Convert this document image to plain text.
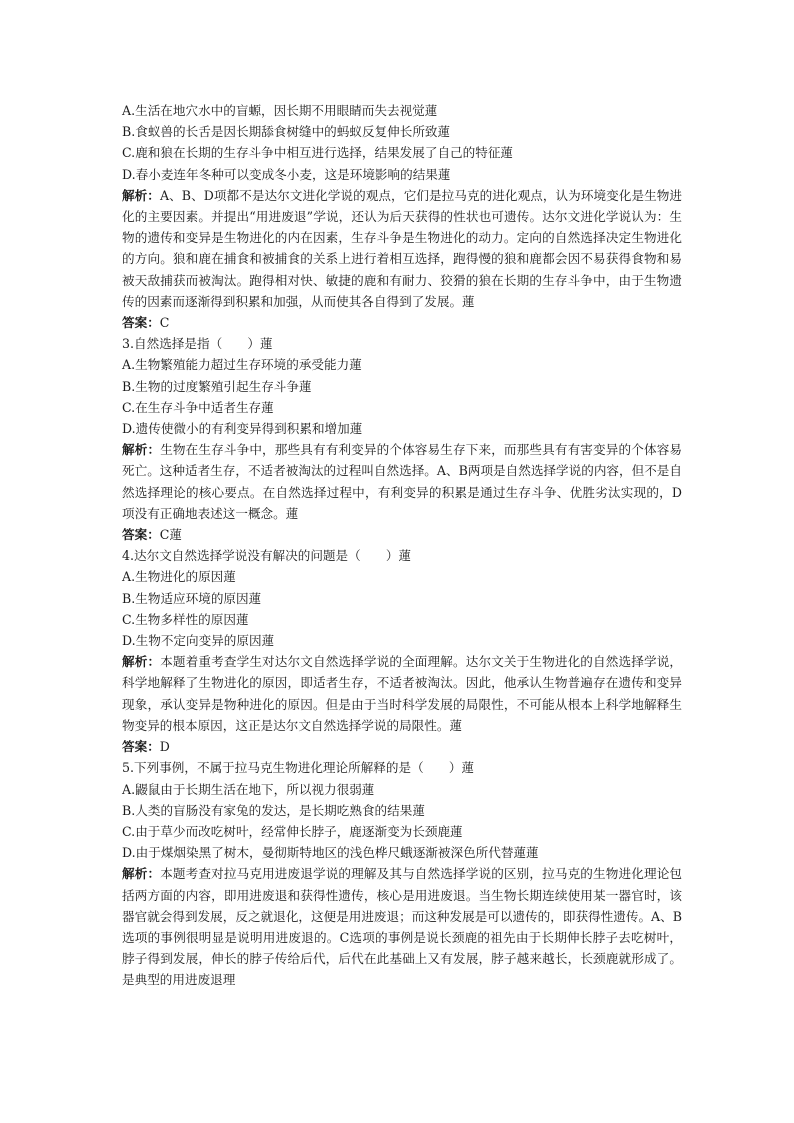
A.生活在地穴水中的盲螈，因长期不用眼睛而失去视觉蓮
B.食蚁兽的长舌是因长期舔食树缝中的蚂蚁反复伸长所致蓮
C.鹿和狼在长期的生存斗争中相互进行选择，结果发展了自己的特征蓮
D.春小麦连年冬种可以变成冬小麦，这是环境影响的结果蓮
解析：A、B、D项都不是达尔文进化学说的观点，它们是拉马克的进化观点，认为环境变化是生物进化的主要因素。并提出“用进废退”学说，还认为后天获得的性状也可遗传。达尔文进化学说认为：生物的遗传和变异是生物进化的内在因素，生存斗争是生物进化的动力。定向的自然选择决定生物进化的方向。狼和鹿在捕食和被捕食的关系上进行着相互选择，跑得慢的狼和鹿都会因不易获得食物和易被天敌捕获而被淘汰。跑得相对快、敏捷的鹿和有耐力、狡猾的狼在长期的生存斗争中，由于生物遗传的因素而逐渐得到积累和加强，从而使其各自得到了发展。蓮
答案：C
3.自然选择是指（　　）蓮
A.生物繁殖能力超过生存环境的承受能力蓮
B.生物的过度繁殖引起生存斗争蓮
C.在生存斗争中适者生存蓮
D.遗传使微小的有利变异得到积累和增加蓮
解析：生物在生存斗争中，那些具有有利变异的个体容易生存下来，而那些具有有害变异的个体容易死亡。这种适者生存，不适者被淘汰的过程叫自然选择。A、B两项是自然选择学说的内容，但不是自然选择理论的核心要点。在自然选择过程中，有利变异的积累是通过生存斗争、优胜劣汰实现的，D项没有正确地表述这一概念。蓮
答案：C蓮
4.达尔文自然选择学说没有解决的问题是（　　）蓮
A.生物进化的原因蓮
B.生物适应环境的原因蓮
C.生物多样性的原因蓮
D.生物不定向变异的原因蓮
解析：本题着重考查学生对达尔文自然选择学说的全面理解。达尔文关于生物进化的自然选择学说，科学地解释了生物进化的原因，即适者生存，不适者被淘汰。因此，他承认生物普遍存在遗传和变异现象，承认变异是物种进化的原因。但是由于当时科学发展的局限性，不可能从根本上科学地解释生物变异的根本原因，这正是达尔文自然选择学说的局限性。蓮
答案：D
5.下列事例，不属于拉马克生物进化理论所解释的是（　　）蓮
A.鼹鼠由于长期生活在地下，所以视力很弱蓮
B.人类的盲肠没有家兔的发达，是长期吃熟食的结果蓮
C.由于草少而改吃树叶，经常伸长脖子，鹿逐渐变为长颈鹿蓮
D.由于煤烟染黑了树木，曼彻斯特地区的浅色桦尺蛾逐渐被深色所代替蓮蓮
解析：本题考查对拉马克用进废退学说的理解及其与自然选择学说的区别，拉马克的生物进化理论包括两方面的内容，即用进废退和获得性遗传，核心是用进废退。当生物长期连续使用某一器官时，该器官就会得到发展，反之就退化，这便是用进废退；而这种发展是可以遗传的，即获得性遗传。A、B选项的事例很明显是说明用进废退的。C选项的事例是说长颈鹿的祖先由于长期伸长脖子去吃树叶，脖子得到发展，伸长的脖子传给后代，后代在此基础上又有发展，脖子越来越长，长颈鹿就形成了。是典型的用进废退理
